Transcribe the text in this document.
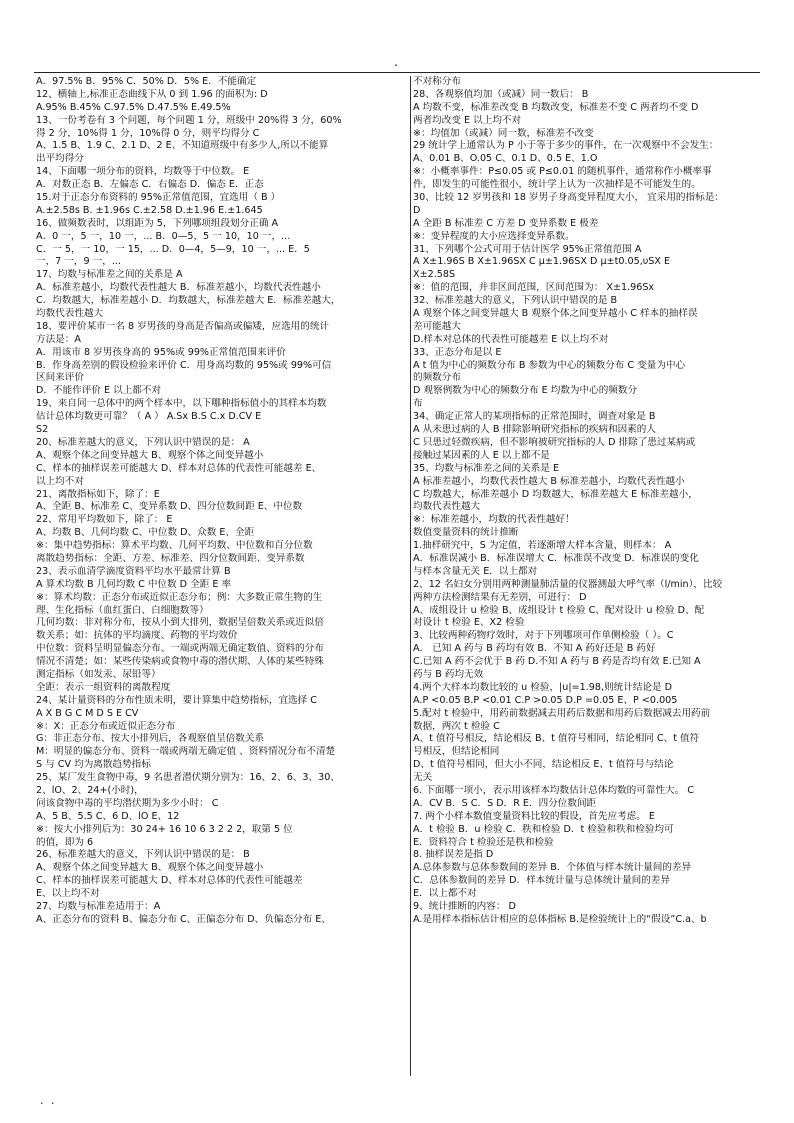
.
A．97.5% B．95% C．50% D．5% E．不能确定
12、横轴上,标准正态曲线下从 0 到 1.96 的面积为: D
A.95% B.45% C.97.5% D.47.5% E.49.5%
13、一份考卷有 3 个问题，每个问题 1 分，班级中 20%得 3 分，60%
得 2 分，10%得 1 分，10%得 0 分，则平均得分 C
A、1.5 B、1.9 C、2.1 D、2 E、不知道班级中有多少人,所以不能算
出平均得分
14、下面哪一项分布的资料，均数等于中位数。 E
A．对数正态 B．左偏态 C．右偏态 D．偏态 E．正态
15.对于正态分布资料的 95%正常值范围，宜选用（ B ）
A.±2.58s B. ±1.96s C.±2.58 D.±1.96 E.±1.645
16、做频数表时，以组距为 5，下列哪项组段划分正确 A
A．0 一，5 一，10 一，... B．0—5，5 一 10，10 一，...
C．一 5，一 10，一 15，... D．0—4，5—9，10 一，... E．5
一，7 一，9 一，...
17、均数与标准差之间的关系是 A
A．标准差越小，均数代表性越大 B．标准差越小，均数代表性越小
C．均数越大，标准差越小 D．均数越大，标准差越大 E．标准差越大，
均数代表性越大
18、要评价某市一名 8 岁男孩的身高是否偏高或偏矮，应选用的统计
方法是：A
A．用该市 8 岁男孩身高的 95%或 99%正常值范围来评价
B．作身高差别的假设检验来评价 C．用身高均数的 95%或 99%可信
区间来评价
D．不能作评价 E 以上都不对
19、来自同一总体中的两个样本中，以下哪种指标值小的其样本均数
估计总体均数更可靠？（ A ） A.Sx B.S C.x D.CV E
S2
20、标准差越大的意义，下列认识中错误的是： A
A、观察个体之间变异越大 B、观察个体之间变异越小
C、样本的抽样误差可能越大 D、样本对总体的代表性可能越差 E、
以上均不对
21、离散指标如下，除了：E
A、全距 B、标准差 C、变异系数 D、四分位数间距 E、中位数
22、常用平均数如下，除了： E
A、均数 B、几何均数 C、中位数 D、众数 E、全距
※：集中趋势指标：算术平均数、几何平均数、中位数和百分位数
离散趋势指标：全距、方差、标准差、四分位数间距、变异系数
23、表示血清学滴度资料平均水平最常计算 B
A 算术均数 B 几何均数 C 中位数 D 全距 E 率
※：算术均数：正态分布或近似正态分布；例：大多数正常生物的生
理、生化指标（血红蛋白、白细胞数等）
几何均数：非对称分布，按从小到大排列，数据呈倍数关系或近似倍
数关系；如：抗体的平均滴度、药物的平均效价
中位数：资料呈明显偏态分布、一端或两端无确定数值、资料的分布
情况不清楚；如：某些传染病或食物中毒的潜伏期、人体的某些特殊
测定指标（如发汞、尿铅等）
全距：表示一组资料的离散程度
24、某计量资料的分布性质未明，要计算集中趋势指标，宜选择 C
A X B G C M D S E CV
※：X：正态分布或近似正态分布
G：非正态分布、按大小排列后，各观察值呈倍数关系
M：明显的偏态分布、资料一端或两端无确定值 、资料情况分布不清楚
S 与 CV 均为离散趋势指标
25、某厂发生食物中毒，9 名患者潜伏期分别为：16、2、6、3、30、
2、lO、2、24+(小时)，
问该食物中毒的平均潜伏期为多少小时： C
A、5 B、5.5 C、6 D、lO E、12
※：按大小排列后为：30 24+ 16 10 6 3 2 2 2，取第 5 位
的值，即为 6
26、标准差越大的意义，下列认识中错误的是： B
A、观察个体之间变异越大 B、观察个体之间变异越小
C、样本的抽样误差可能越大 D、样本对总体的代表性可能越差
E、以上均不对
27、均数与标准差适用于：A
A、正态分布的资料 B、偏态分布 C、正偏态分布 D、负偏态分布 E、
不对称分布
28、各观察值均加（或减）同一数后： B
A 均数不变，标准差改变 B 均数改变，标准差不变 C 两者均不变 D
两者均改变 E 以上均不对
※：均值加（或减）同一数，标准差不改变
29 统计学上通常认为 P 小于等于多少的事件，在一次观察中不会发生：
A、0.01 B、O.05 C、0.1 D、0.5 E、1.O
※：小概率事件：P≤0.05 或 P≤0.01 的随机事件，通常称作小概率事
件，即发生的可能性很小，统计学上认为一次抽样是不可能发生的。
30、比较 12 岁男孩和 18 岁男子身高变异程度大小， 宜采用的指标是：
D
A 全距 B 标准差 C 方差 D 变异系数 E 极差
※：变异程度的大小应选择变异系数。
31、下列哪个公式可用于估计医学 95%正常值范围 A
A X±1.96S B X±1.96SX C μ±1.96SX D μ±t0.05,υSX E
X±2.58S
※：值的范围，并非区间范围，区间范围为： X±1.96Sx
32、标准差越大的意义，下列认识中错误的是 B
A 观察个体之间变异越大 B 观察个体之间变异越小 C 样本的抽样误
差可能越大
D.样本对总体的代表性可能越差 E 以上均不对
33、正态分布是以 E
A t 值为中心的频数分布 B 参数为中心的频数分布 C 变量为中心
的频数分布
D 观察例数为中心的频数分布 E 均数为中心的频数分
布
34、确定正常人的某项指标的正常范围时，调查对象是 B
A 从未患过病的人 B 排除影响研究指标的疾病和因素的人
C 只患过轻微疾病，但不影响被研究指标的人 D 排除了患过某病或
接触过某因素的人 E 以上都不是
35、均数与标准差之间的关系是 E
A 标准差越小，均数代表性越大 B 标准差越小，均数代表性越小
C 均数越大，标准差越小 D 均数越大，标准差越大 E 标准差越小，
均数代表性越大
※：标准差越小，均数的代表性越好！
数值变量资料的统计推断
1.抽样研究中，S 为定值，若逐渐增大样本含量，则样本： A
A．标准误减小 B．标准误增大 C．标准误不改变 D．标准误的变化
与样本含量无关 E．以上都对
2、12 名妇女分别用两种测量肺活量的仪器测最大呼气率（l/min），比较
两种方法检测结果有无差别，可进行： D
A、成组设计 u 检验 B、成组设计 t 检验 C、配对设计 u 检验 D、配
对设计 t 检验 E、X2 检验
3、比较两种药物疗效时，对于下列哪项可作单侧检验（ ）。C
A． 已知 A 药与 B 药均有效 B．不知 A 药好还是 B 药好
C.已知 A 药不会优于 B 药 D.不知 A 药与 B 药是否均有效 E.已知 A
药与 B 药均无效
4.两个大样本均数比较的 u 检验，|u|=1.98,则统计结论是 D
A.P <0.05 B.P <0.01 C.P >0.05 D.P =0.05 E、P <0.005
5.配对 t 检验中，用药前数据减去用药后数据和用药后数据减去用药前
数据，两次 t 检验 C
A、t 值符号相反，结论相反 B、t 值符号相同，结论相同 C、t 值符
号相反，但结论相同
D、t 值符号相同，但大小不同，结论相反 E、t 值符号与结论
无关
6. 下面哪一项小，表示用该样本均数估计总体均数的可靠性大。 C
A．CV B．S C．S D．R E．四分位数间距
7. 两个小样本数值变量资料比较的假设，首先应考虑。 E
A．t 检验 B．u 检验 C．秩和检验 D．t 检验和秩和检验均可
E．资料符合 t 检验还是秩和检验
8. 抽样误差是指 D
A.总体参数与总体参数间的差异 B．个体值与样本统计量间的差异
C．总体参数间的差异 D．样本统计量与总体统计量间的差异
E．以上都不对
9、统计推断的内容： D
A.是用样本指标估计相应的总体指标 B.是检验统计上的“假设”C.a、b
· ·
